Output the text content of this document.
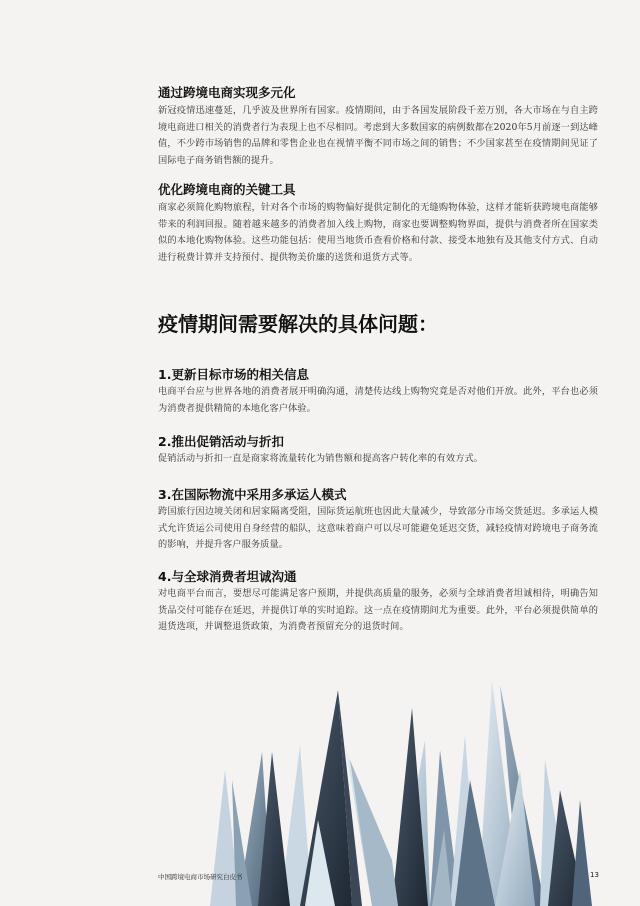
通过跨境电商实现多元化

新冠疫情迅速蔓延，几乎波及世界所有国家。疫情期间，由于各国发展阶段千差万别，各大市场在与自主跨境电商进口相关的消费者行为表现上也不尽相同。考虑到大多数国家的病例数都在2020年5月前逐一到达峰值，不少跨市场销售的品牌和零售企业也在视情平衡不同市场之间的销售；不少国家甚至在疫情期间见证了国际电子商务销售额的提升。

优化跨境电商的关键工具

商家必须简化购物旅程，针对各个市场的购物偏好提供定制化的无缝购物体验，这样才能斩获跨境电商能够带来的利润回报。随着越来越多的消费者加入线上购物，商家也要调整购物界面，提供与消费者所在国家类似的本地化购物体验。这些功能包括：使用当地货币查看价格和付款、接受本地独有及其他支付方式、自动进行税费计算并支持预付、提供物美价廉的送货和退货方式等。

疫情期间需要解决的具体问题：
1.更新目标市场的相关信息

电商平台应与世界各地的消费者展开明确沟通，清楚传达线上购物究竟是否对他们开放。此外，平台也必须为消费者提供精简的本地化客户体验。

2.推出促销活动与折扣

促销活动与折扣一直是商家将流量转化为销售额和提高客户转化率的有效方式。

3.在国际物流中采用多承运人模式

跨国旅行因边境关闭和居家隔离受阻，国际货运航班也因此大量减少，导致部分市场交货延迟。多承运人模式允许货运公司使用自身经营的船队，这意味着商户可以尽可能避免延迟交货，减轻疫情对跨境电子商务流的影响，并提升客户服务质量。

4.与全球消费者坦诚沟通

对电商平台而言，要想尽可能满足客户预期，并提供高质量的服务，必须与全球消费者坦诚相待，明确告知货品交付可能存在延迟，并提供订单的实时追踪。这一点在疫情期间尤为重要。此外，平台必须提供简单的退货选项，并调整退货政策，为消费者预留充分的退货时间。

中国跨境电商市场研究白皮书	13
